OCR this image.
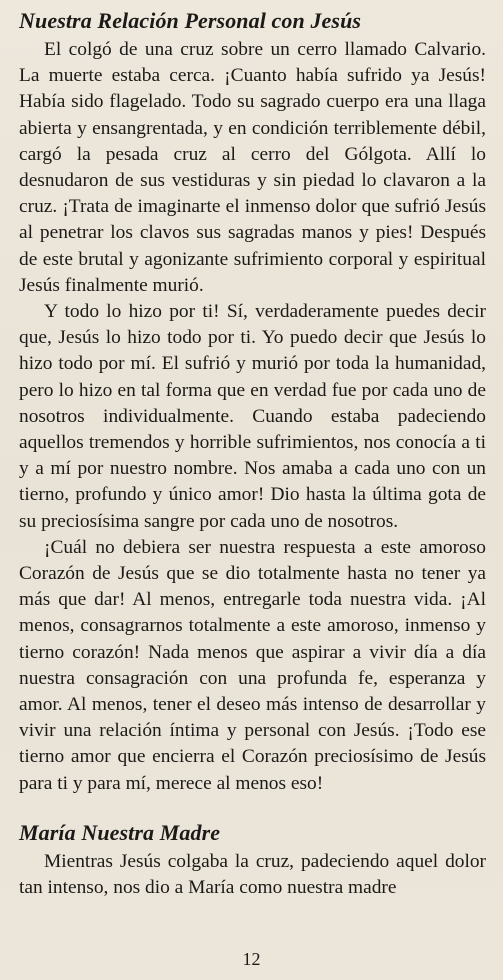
Nuestra Relación Personal con Jesús

El colgó de una cruz sobre un cerro llamado Calvario. La muerte estaba cerca. ¡Cuanto había sufrido ya Jesús! Había sido flagelado. Todo su sagrado cuerpo era una llaga abierta y ensangrentada, y en condición terriblemente débil, cargó la pesada cruz al cerro del Gólgota. Allí lo desnudaron de sus vestiduras y sin piedad lo clavaron a la cruz. ¡Trata de imaginarte el inmenso dolor que sufrió Jesús al penetrar los clavos sus sagradas manos y pies! Después de este brutal y agonizante sufrimiento corporal y espiritual Jesús finalmente murió.

Y todo lo hizo por ti! Sí, verdaderamente puedes decir que, Jesús lo hizo todo por ti. Yo puedo decir que Jesús lo hizo todo por mí. El sufrió y murió por toda la humanidad, pero lo hizo en tal forma que en verdad fue por cada uno de nosotros individualmente. Cuando estaba padeciendo aquellos tremendos y horrible sufrimientos, nos conocía a ti y a mí por nuestro nombre. Nos amaba a cada uno con un tierno, profundo y único amor! Dio hasta la última gota de su preciosísima sangre por cada uno de nosotros.

¡Cuál no debiera ser nuestra respuesta a este amoroso Corazón de Jesús que se dio totalmente hasta no tener ya más que dar! Al menos, entregarle toda nuestra vida. ¡Al menos, consagrarnos totalmente a este amoroso, inmenso y tierno corazón! Nada menos que aspirar a vivir día a día nuestra consagración con una profunda fe, esperanza y amor. Al menos, tener el deseo más intenso de desarrollar y vivir una relación íntima y personal con Jesús. ¡Todo ese tierno amor que encierra el Corazón preciosísimo de Jesús para ti y para mí, merece al menos eso!

María Nuestra Madre

Mientras Jesús colgaba la cruz, padeciendo aquel dolor tan intenso, nos dio a María como nuestra madre

12
